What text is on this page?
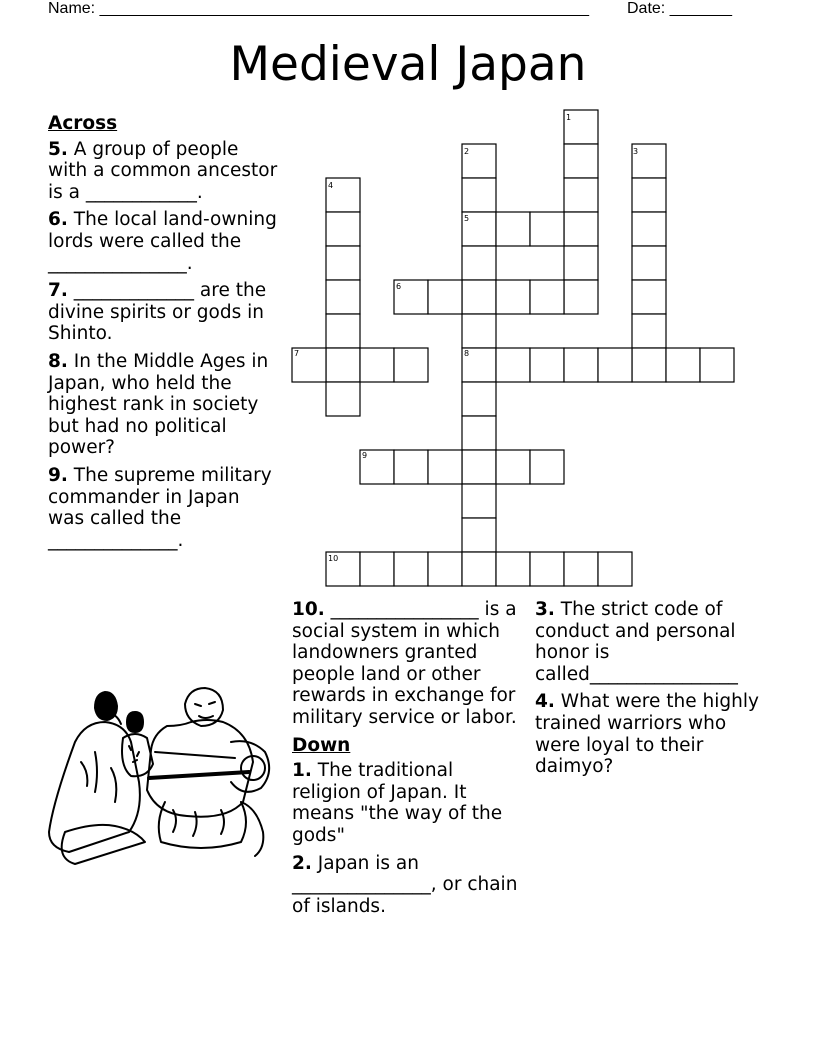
Name: _______________________________________________________ Date: _______
Medieval Japan
Across
5. A group of people with a common ancestor is a ____________.
6. The local land-owning lords were called the _______________.
7. _____________ are the divine spirits or gods in Shinto.
8. In the Middle Ages in Japan, who held the highest rank in society but had no political power?
9. The supreme military commander in Japan was called the ______________.
10. ________________ is a social system in which landowners granted people land or other rewards in exchange for military service or labor.
Down
1. The traditional religion of Japan. It means "the way of the gods"
2. Japan is an _______________, or chain of islands.
3. The strict code of conduct and personal honor is called________________
4. What were the highly trained warriors who were loyal to their daimyo?
1
2	3
4
5
6
7	8
9
10
